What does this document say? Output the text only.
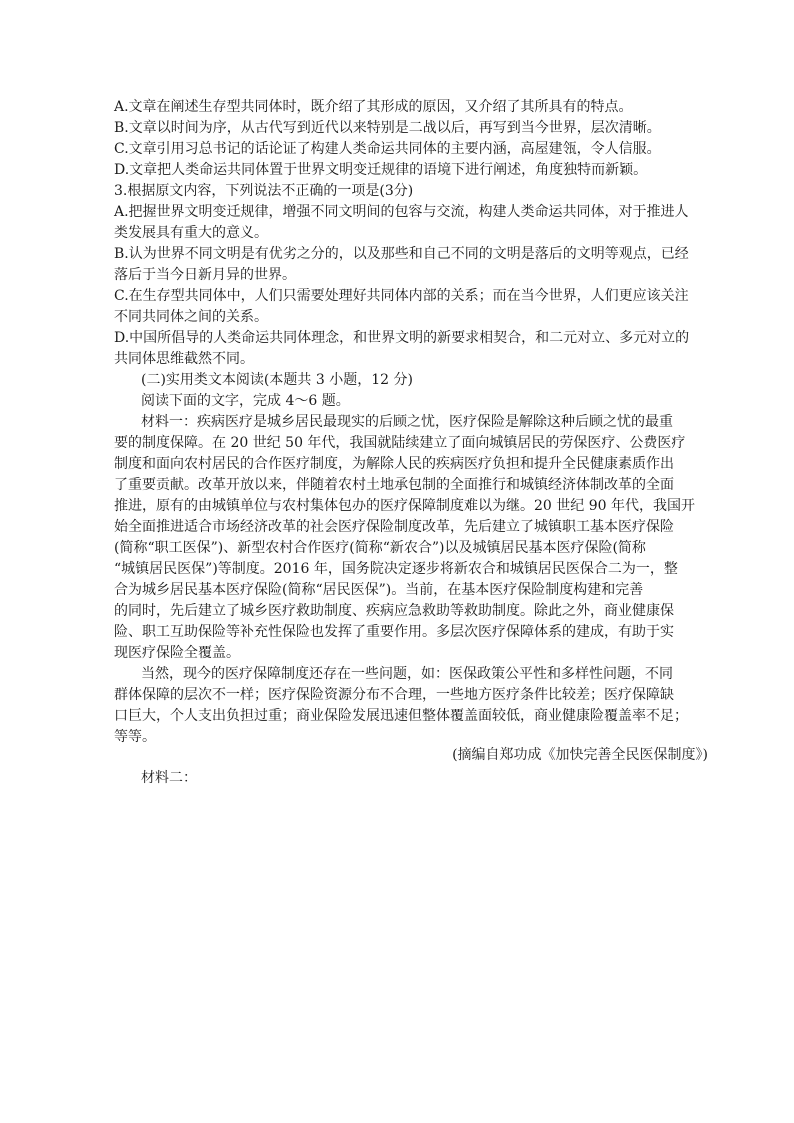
A.文章在阐述生存型共同体时，既介绍了其形成的原因，又介绍了其所具有的特点。
B.文章以时间为序，从古代写到近代以来特别是二战以后，再写到当今世界，层次清晰。
C.文章引用习总书记的话论证了构建人类命运共同体的主要内涵，高屋建瓴，令人信服。
D.文章把人类命运共同体置于世界文明变迁规律的语境下进行阐述，角度独特而新颖。
3.根据原文内容，下列说法不正确的一项是(3分)
A.把握世界文明变迁规律，增强不同文明间的包容与交流，构建人类命运共同体，对于推进人
类发展具有重大的意义。
B.认为世界不同文明是有优劣之分的，以及那些和自己不同的文明是落后的文明等观点，已经
落后于当今日新月异的世界。
C.在生存型共同体中，人们只需要处理好共同体内部的关系；而在当今世界，人们更应该关注
不同共同体之间的关系。
D.中国所倡导的人类命运共同体理念，和世界文明的新要求相契合，和二元对立、多元对立的
共同体思维截然不同。
(二)实用类文本阅读(本题共 3 小题，12 分)
阅读下面的文字，完成 4～6 题。
材料一：疾病医疗是城乡居民最现实的后顾之忧，医疗保险是解除这种后顾之忧的最重
要的制度保障。在 20 世纪 50 年代，我国就陆续建立了面向城镇居民的劳保医疗、公费医疗
制度和面向农村居民的合作医疗制度，为解除人民的疾病医疗负担和提升全民健康素质作出
了重要贡献。改革开放以来，伴随着农村土地承包制的全面推行和城镇经济体制改革的全面
推进，原有的由城镇单位与农村集体包办的医疗保障制度难以为继。20 世纪 90 年代，我国开
始全面推进适合市场经济改革的社会医疗保险制度改革，先后建立了城镇职工基本医疗保险
(简称“职工医保”)、新型农村合作医疗(简称“新农合”)以及城镇居民基本医疗保险(简称
“城镇居民医保”)等制度。2016 年，国务院决定逐步将新农合和城镇居民医保合二为一，整
合为城乡居民基本医疗保险(简称“居民医保”)。当前，在基本医疗保险制度构建和完善
的同时，先后建立了城乡医疗救助制度、疾病应急救助等救助制度。除此之外，商业健康保
险、职工互助保险等补充性保险也发挥了重要作用。多层次医疗保障体系的建成，有助于实
现医疗保险全覆盖。
当然，现今的医疗保障制度还存在一些问题，如：医保政策公平性和多样性问题，不同
群体保障的层次不一样；医疗保险资源分布不合理，一些地方医疗条件比较差；医疗保障缺
口巨大，个人支出负担过重；商业保险发展迅速但整体覆盖面较低，商业健康险覆盖率不足；
等等。
(摘编自郑功成《加快完善全民医保制度》)
材料二：
